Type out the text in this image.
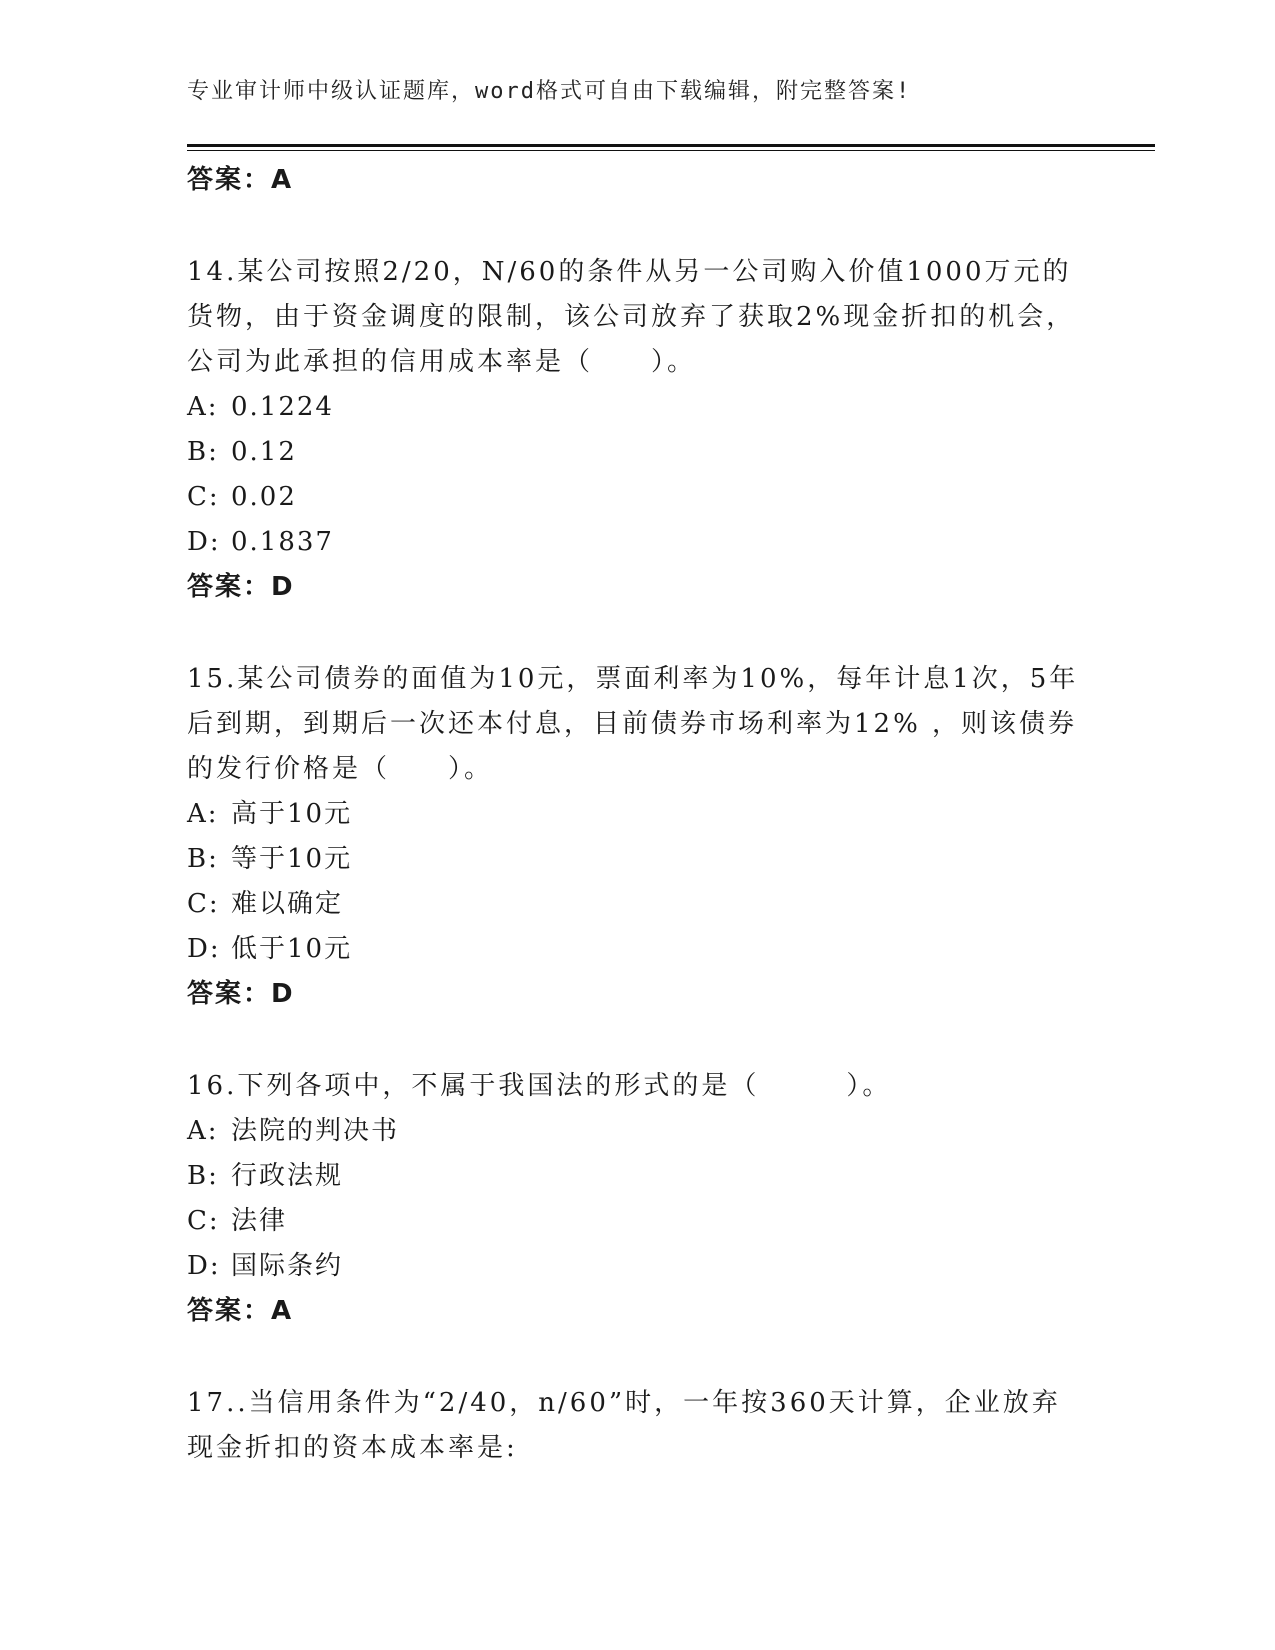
专业审计师中级认证题库，word格式可自由下载编辑，附完整答案!
答案：A
14.某公司按照2/20，N/60的条件从另一公司购入价值1000万元的货物，由于资金调度的限制，该公司放弃了获取2%现金折扣的机会，公司为此承担的信用成本率是（　　）。
A: 0.1224
B: 0.12
C: 0.02
D: 0.1837
答案：D
15.某公司债券的面值为10元，票面利率为10%，每年计息1次，5年后到期，到期后一次还本付息，目前债券市场利率为12% ，则该债券的发行价格是（　　）。
A: 高于10元
B: 等于10元
C: 难以确定
D: 低于10元
答案：D
16.下列各项中，不属于我国法的形式的是（　　　）。
A: 法院的判决书
B: 行政法规
C: 法律
D: 国际条约
答案：A
17..当信用条件为“2/40，n/60”时，一年按360天计算，企业放弃现金折扣的资本成本率是:
